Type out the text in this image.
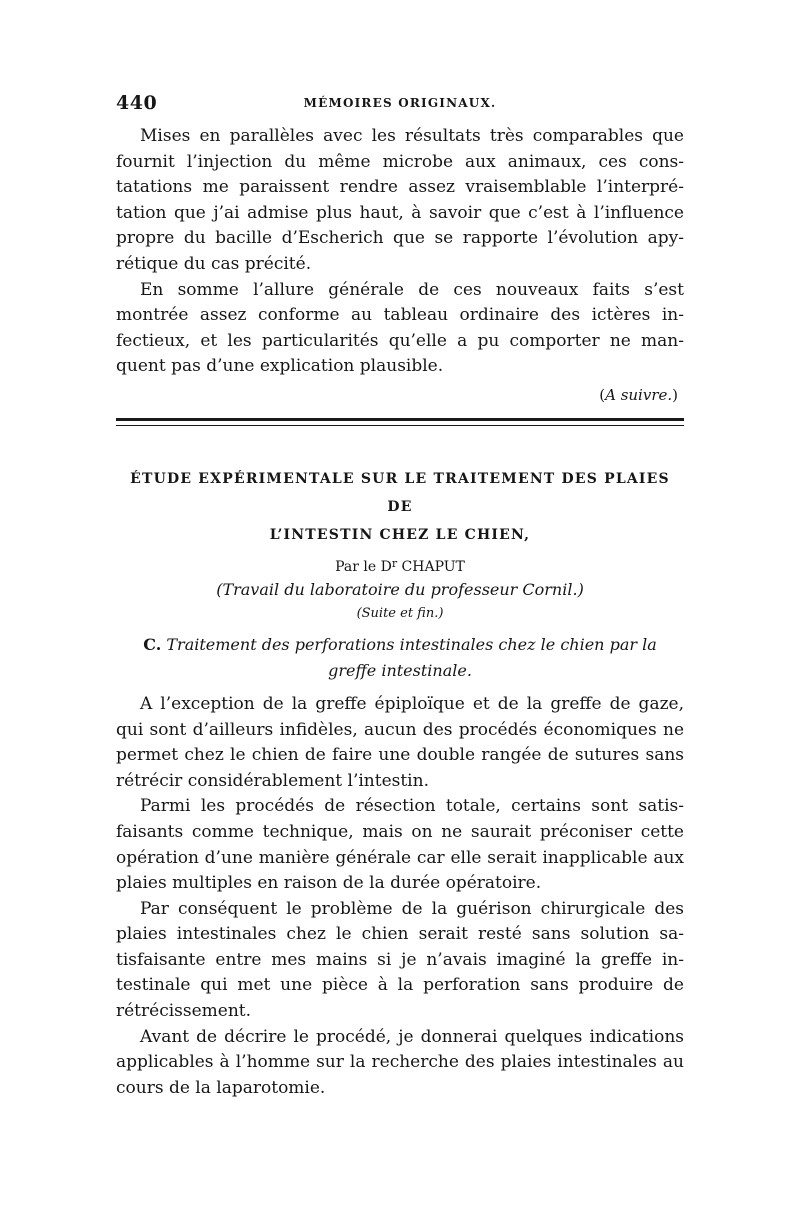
440	MÉMOIRES ORIGINAUX.

Mises en parallèles avec les résultats très comparables que fournit l’injection du même microbe aux animaux, ces constatations me paraissent rendre assez vraisemblable l’interprétation que j’ai admise plus haut, à savoir que c’est à l’influence propre du bacille d’Escherich que se rapporte l’évolution apyrétique du cas précité.

En somme l’allure générale de ces nouveaux faits s’est montrée assez conforme au tableau ordinaire des ictères infectieux, et les particularités qu’elle a pu comporter ne manquent pas d’une explication plausible.

(A suivre.)
ÉTUDE EXPÉRIMENTALE SUR LE TRAITEMENT DES PLAIES DE
L’INTESTIN CHEZ LE CHIEN,
Par le $D^r$ CHAPUT
(Travail du laboratoire du professeur Cornil.)
(Suite et fin.)
C. Traitement des perforations intestinales chez le chien par la greffe intestinale.

A l’exception de la greffe épiploïque et de la greffe de gaze, qui sont d’ailleurs infidèles, aucun des procédés économiques ne permet chez le chien de faire une double rangée de sutures sans rétrécir considérablement l’intestin.

Parmi les procédés de résection totale, certains sont satisfaisants comme technique, mais on ne saurait préconiser cette opération d’une manière générale car elle serait inapplicable aux plaies multiples en raison de la durée opératoire.

Par conséquent le problème de la guérison chirurgicale des plaies intestinales chez le chien serait resté sans solution satisfaisante entre mes mains si je n’avais imaginé la greffe intestinale qui met une pièce à la perforation sans produire de rétrécissement.

Avant de décrire le procédé, je donnerai quelques indications applicables à l’homme sur la recherche des plaies intestinales au cours de la laparotomie.
